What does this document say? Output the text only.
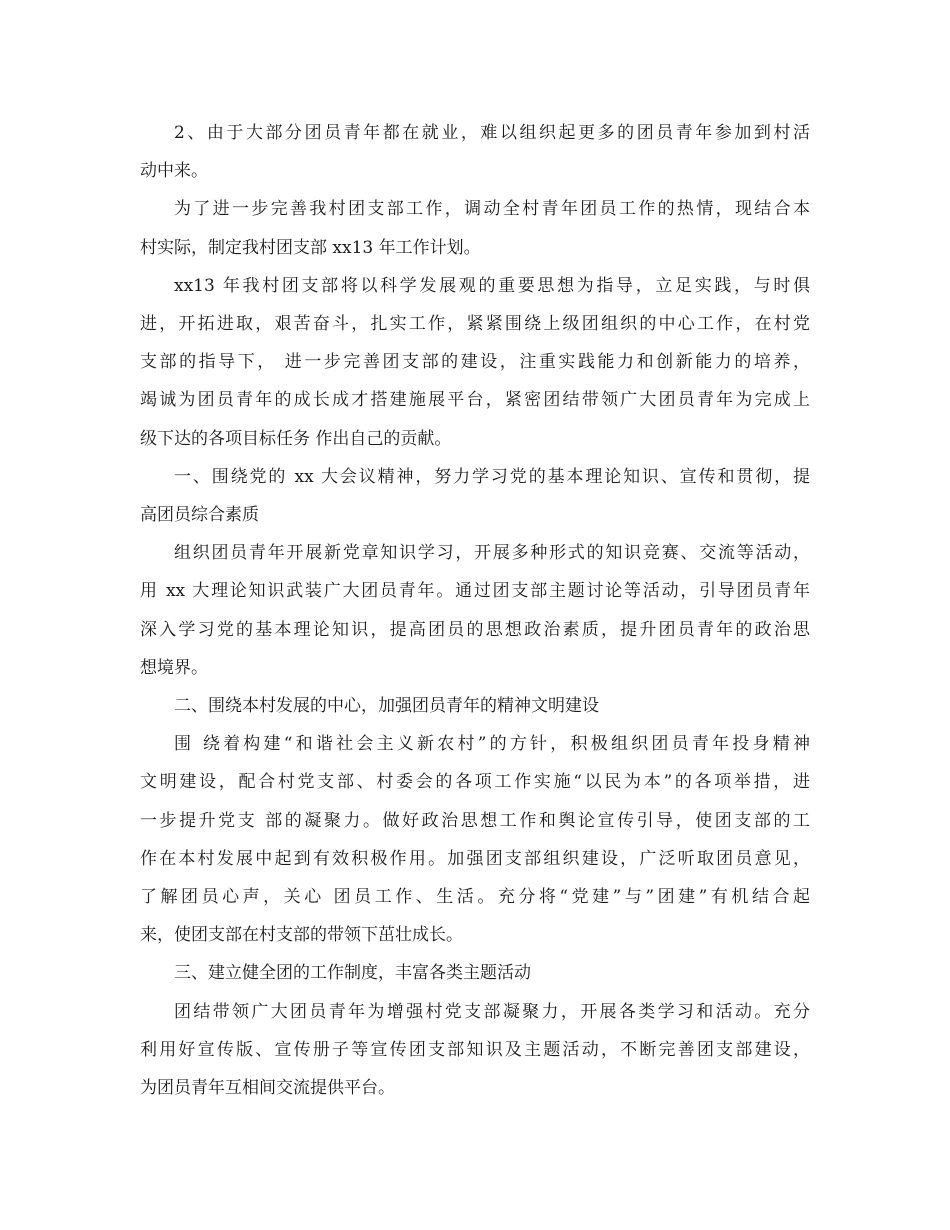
2、由于大部分团员青年都在就业，难以组织起更多的团员青年参加到村活
动中来。

为了进一步完善我村团支部工作，调动全村青年团员工作的热情，现结合本
村实际，制定我村团支部 xx13 年工作计划。

xx13 年我村团支部将以科学发展观的重要思想为指导，立足实践，与时俱
进，开拓进取，艰苦奋斗，扎实工作，紧紧围绕上级团组织的中心工作，在村党
支部的指导下， 进一步完善团支部的建设，注重实践能力和创新能力的培养，
竭诚为团员青年的成长成才搭建施展平台，紧密团结带领广大团员青年为完成上
级下达的各项目标任务 作出自己的贡献。

一、围绕党的 xx 大会议精神，努力学习党的基本理论知识、宣传和贯彻，提
高团员综合素质

组织团员青年开展新党章知识学习，开展多种形式的知识竞赛、交流等活动，
用 xx 大理论知识武装广大团员青年。通过团支部主题讨论等活动，引导团员青年
深入学习党的基本理论知识，提高团员的思想政治素质，提升团员青年的政治思
想境界。

二、围绕本村发展的中心，加强团员青年的精神文明建设

围 绕着构建“和谐社会主义新农村”的方针，积极组织团员青年投身精神
文明建设，配合村党支部、村委会的各项工作实施“以民为本”的各项举措，进
一步提升党支 部的凝聚力。做好政治思想工作和舆论宣传引导，使团支部的工
作在本村发展中起到有效积极作用。加强团支部组织建设，广泛听取团员意见，
了解团员心声，关心 团员工作、生活。充分将“党建”与”团建”有机结合起
来，使团支部在村支部的带领下茁壮成长。

三、建立健全团的工作制度，丰富各类主题活动

团结带领广大团员青年为增强村党支部凝聚力，开展各类学习和活动。充分
利用好宣传版、宣传册子等宣传团支部知识及主题活动，不断完善团支部建设，
为团员青年互相间交流提供平台。
